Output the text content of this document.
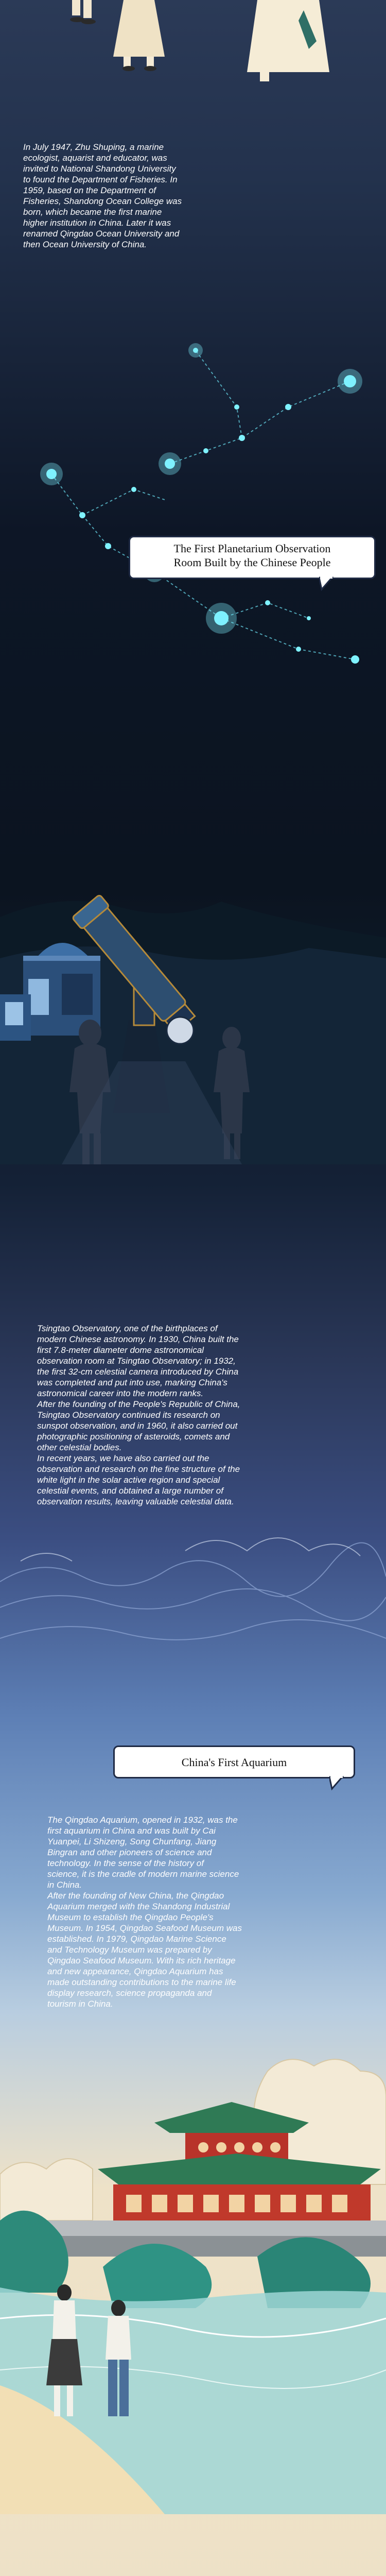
In July 1947, Zhu Shuping, a marine
ecologist, aquarist and educator, was
invited to National Shandong University
to found the Department of Fisheries. In
1959, based on the Department of
Fisheries, Shandong Ocean College was
born, which became the first marine
higher institution in China. Later it was
renamed Qingdao Ocean University and
then Ocean University of China.

The First Planetarium Observation
Room Built by the Chinese People

Tsingtao Observatory, one of the birthplaces of
modern Chinese astronomy. In 1930, China built the
first 7.8-meter diameter dome astronomical
observation room at Tsingtao Observatory; in 1932,
the first 32-cm celestial camera introduced by China
was completed and put into use, marking China's
astronomical career into the modern ranks.
After the founding of the People's Republic of China,
Tsingtao Observatory continued its research on
sunspot observation, and in 1960, it also carried out
photographic positioning of asteroids, comets and
other celestial bodies.
In recent years, we have also carried out the
observation and research on the fine structure of the
white light in the solar active region and special
celestial events, and obtained a large number of
observation results, leaving valuable celestial data.

China's First Aquarium

The Qingdao Aquarium, opened in 1932, was the
first aquarium in China and was built by Cai
Yuanpei, Li Shizeng, Song Chunfang, Jiang
Bingran and other pioneers of science and
technology. In the sense of the history of
science, it is the cradle of modern marine science
in China.
After the founding of New China, the Qingdao
Aquarium merged with the Shandong Industrial
Museum to establish the Qingdao People's
Museum. In 1954, Qingdao Seafood Museum was
established. In 1979, Qingdao Marine Science
and Technology Museum was prepared by
Qingdao Seafood Museum. With its rich heritage
and new appearance, Qingdao Aquarium has
made outstanding contributions to the marine life
display research, science propaganda and
tourism in China.
